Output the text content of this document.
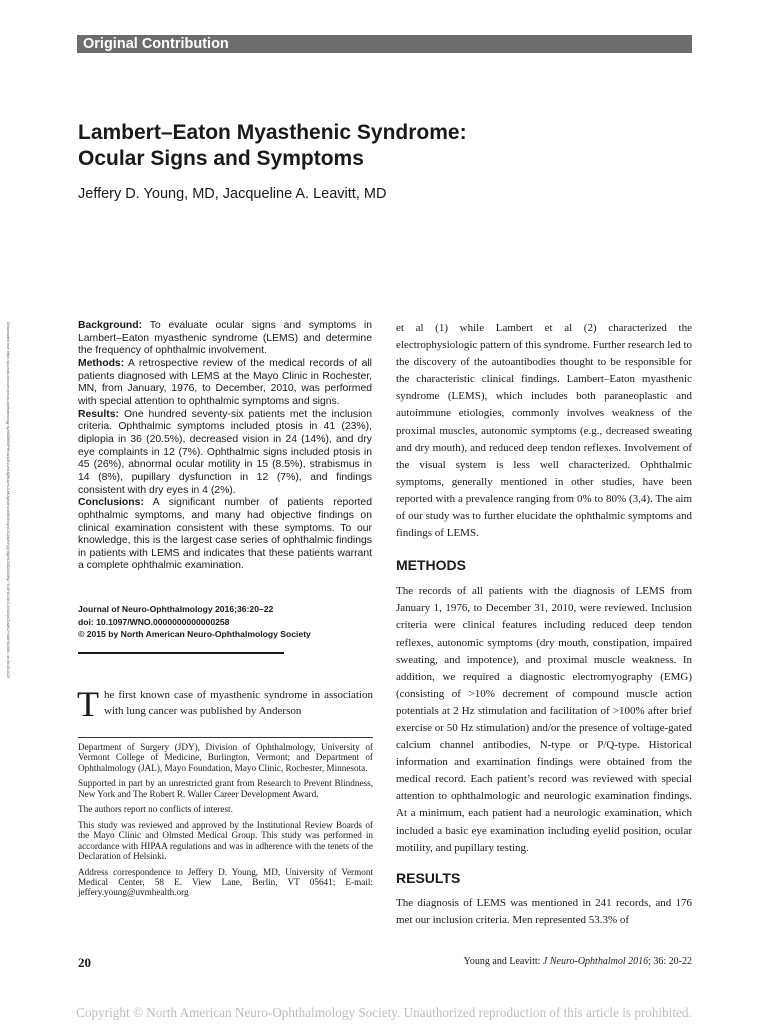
Original Contribution
Lambert–Eaton Myasthenic Syndrome:
Ocular Signs and Symptoms
Jeffery D. Young, MD, Jacqueline A. Leavitt, MD
Downloaded from https://journals.lww.com/jneuro-ophthalmology by BhDMf5ePHKav1zEoum1tQfN4a+kJLhEZgbsIHo4XMi0hCywCX1AWnYQp/IlQrHD3i3D0OdRyi7TvSFl4Cf3VC4/OAVpDDa8K2+Ya6H515kE= on 06/10/2025	Background: To evaluate ocular signs and symptoms in Lambert–Eaton myasthenic syndrome (LEMS) and determine the frequency of ophthalmic involvement.

Methods: A retrospective review of the medical records of all patients diagnosed with LEMS at the Mayo Clinic in Rochester, MN, from January, 1976, to December, 2010, was performed with special attention to ophthalmic symptoms and signs.

Results: One hundred seventy-six patients met the inclusion criteria. Ophthalmic symptoms included ptosis in 41 (23%), diplopia in 36 (20.5%), decreased vision in 24 (14%), and dry eye complaints in 12 (7%). Ophthalmic signs included ptosis in 45 (26%), abnormal ocular motility in 15 (8.5%), strabismus in 14 (8%), pupillary dysfunction in 12 (7%), and findings consistent with dry eyes in 4 (2%).

Conclusions: A significant number of patients reported ophthalmic symptoms, and many had objective findings on clinical examination consistent with these symptoms. To our knowledge, this is the largest case series of ophthalmic findings in patients with LEMS and indicates that these patients warrant a complete ophthalmic examination.

Journal of Neuro-Ophthalmology 2016;36:20–22
doi: 10.1097/WNO.0000000000000258
© 2015 by North American Neuro-Ophthalmology Society

The first known case of myasthenic syndrome in association with lung cancer was published by Anderson

Department of Surgery (JDY), Division of Ophthalmology, University of Vermont College of Medicine, Burlington, Vermont; and Department of Ophthalmology (JAL), Mayo Foundation, Mayo Clinic, Rochester, Minnesota.

Supported in part by an unrestricted grant from Research to Prevent Blindness, New York and The Robert R. Waller Career Development Award.

The authors report no conflicts of interest.

This study was reviewed and approved by the Institutional Review Boards of the Mayo Clinic and Olmsted Medical Group. This study was performed in accordance with HIPAA regulations and was in adherence with the tenets of the Declaration of Helsinki.

Address correspondence to Jeffery D. Young, MD, University of Vermont Medical Center, 58 E. View Lane, Berlin, VT 05641; E-mail: jeffery.young@uvmhealth.org

et al (1) while Lambert et al (2) characterized the electrophysiologic pattern of this syndrome. Further research led to the discovery of the autoantibodies thought to be responsible for the characteristic clinical findings. Lambert–Eaton myasthenic syndrome (LEMS), which includes both paraneoplastic and autoimmune etiologies, commonly involves weakness of the proximal muscles, autonomic symptoms (e.g., decreased sweating and dry mouth), and reduced deep tendon reflexes. Involvement of the visual system is less well characterized. Ophthalmic symptoms, generally mentioned in other studies, have been reported with a prevalence ranging from 0% to 80% (3,4). The aim of our study was to further elucidate the ophthalmic symptoms and findings of LEMS.

METHODS

The records of all patients with the diagnosis of LEMS from January 1, 1976, to December 31, 2010, were reviewed. Inclusion criteria were clinical features including reduced deep tendon reflexes, autonomic symptoms (dry mouth, constipation, impaired sweating, and impotence), and proximal muscle weakness. In addition, we required a diagnostic electromyography (EMG) (consisting of >10% decrement of compound muscle action potentials at 2 Hz stimulation and facilitation of >100% after brief exercise or 50 Hz stimulation) and/or the presence of voltage-gated calcium channel antibodies, N-type or P/Q-type. Historical information and examination findings were obtained from the medical record. Each patient’s record was reviewed with special attention to ophthalmologic and neurologic examination findings. At a minimum, each patient had a neurologic examination, which included a basic eye examination including eyelid position, ocular motility, and pupillary testing.

RESULTS

The diagnosis of LEMS was mentioned in 241 records, and 176 met our inclusion criteria. Men represented 53.3% of

20	Young and Leavitt: J Neuro-Ophthalmol 2016; 36: 20-22
Copyright © North American Neuro-Ophthalmology Society. Unauthorized reproduction of this article is prohibited.
